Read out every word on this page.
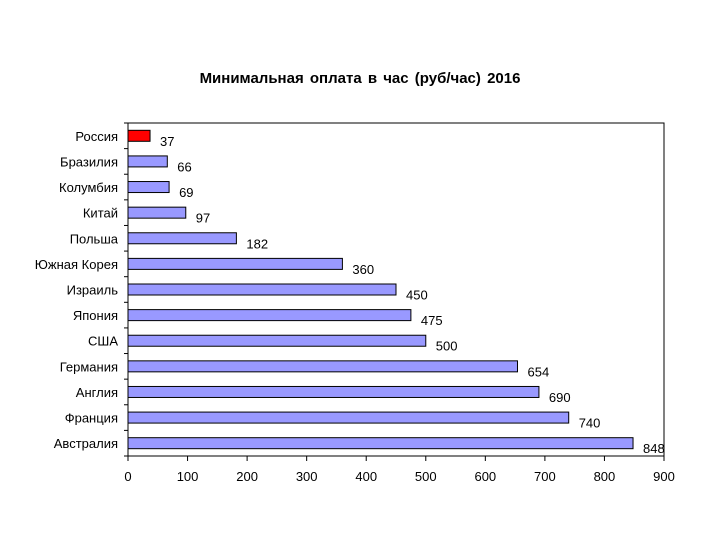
Минимальная оплата в час (руб/час) 2016
Россия	37
Бразилия	66
Колумбия	69
Китай	97
Польша	182
Южная Корея	360
Израиль	450
Япония	475
США	500
Германия	654
Англия	690
Франция	740
Австралия	848
0	100	200	300	400	500	600	700	800	900
